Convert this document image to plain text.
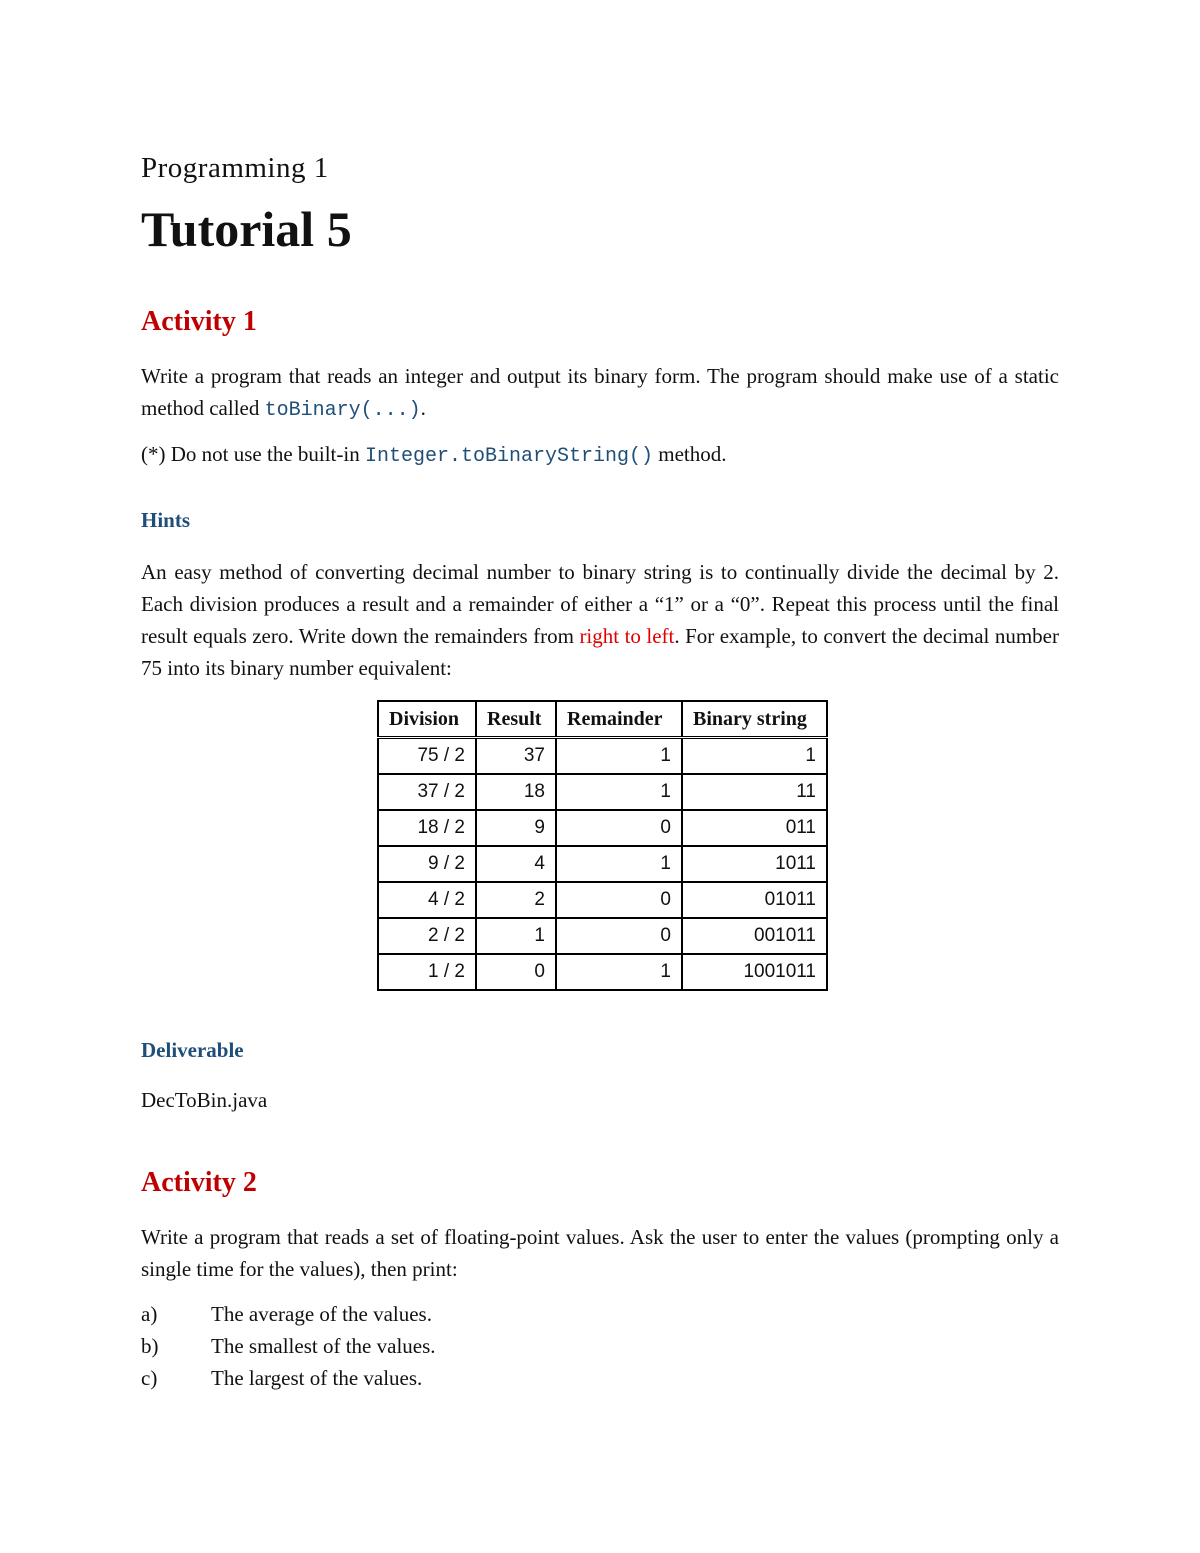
Programming 1
Tutorial 5
Activity 1

Write a program that reads an integer and output its binary form. The program should make use of a static method called toBinary(...).

(*) Do not use the built-in Integer.toBinaryString() method.

Hints

An easy method of converting decimal number to binary string is to continually divide the decimal by 2. Each division produces a result and a remainder of either a “1” or a “0”. Repeat this process until the final result equals zero. Write down the remainders from right to left. For example, to convert the decimal number 75 into its binary number equivalent:

Division	Result	Remainder	Binary string
75 / 2	37	1	1
37 / 2	18	1	11
18 / 2	9	0	011
9 / 2	4	1	1011
4 / 2	2	0	01011
2 / 2	1	0	001011
1 / 2	0	1	1001011
Deliverable

DecToBin.java

Activity 2

Write a program that reads a set of floating-point values. Ask the user to enter the values (prompting only a single time for the values), then print:

a)	The average of the values.
b)	The smallest of the values.
c)	The largest of the values.
